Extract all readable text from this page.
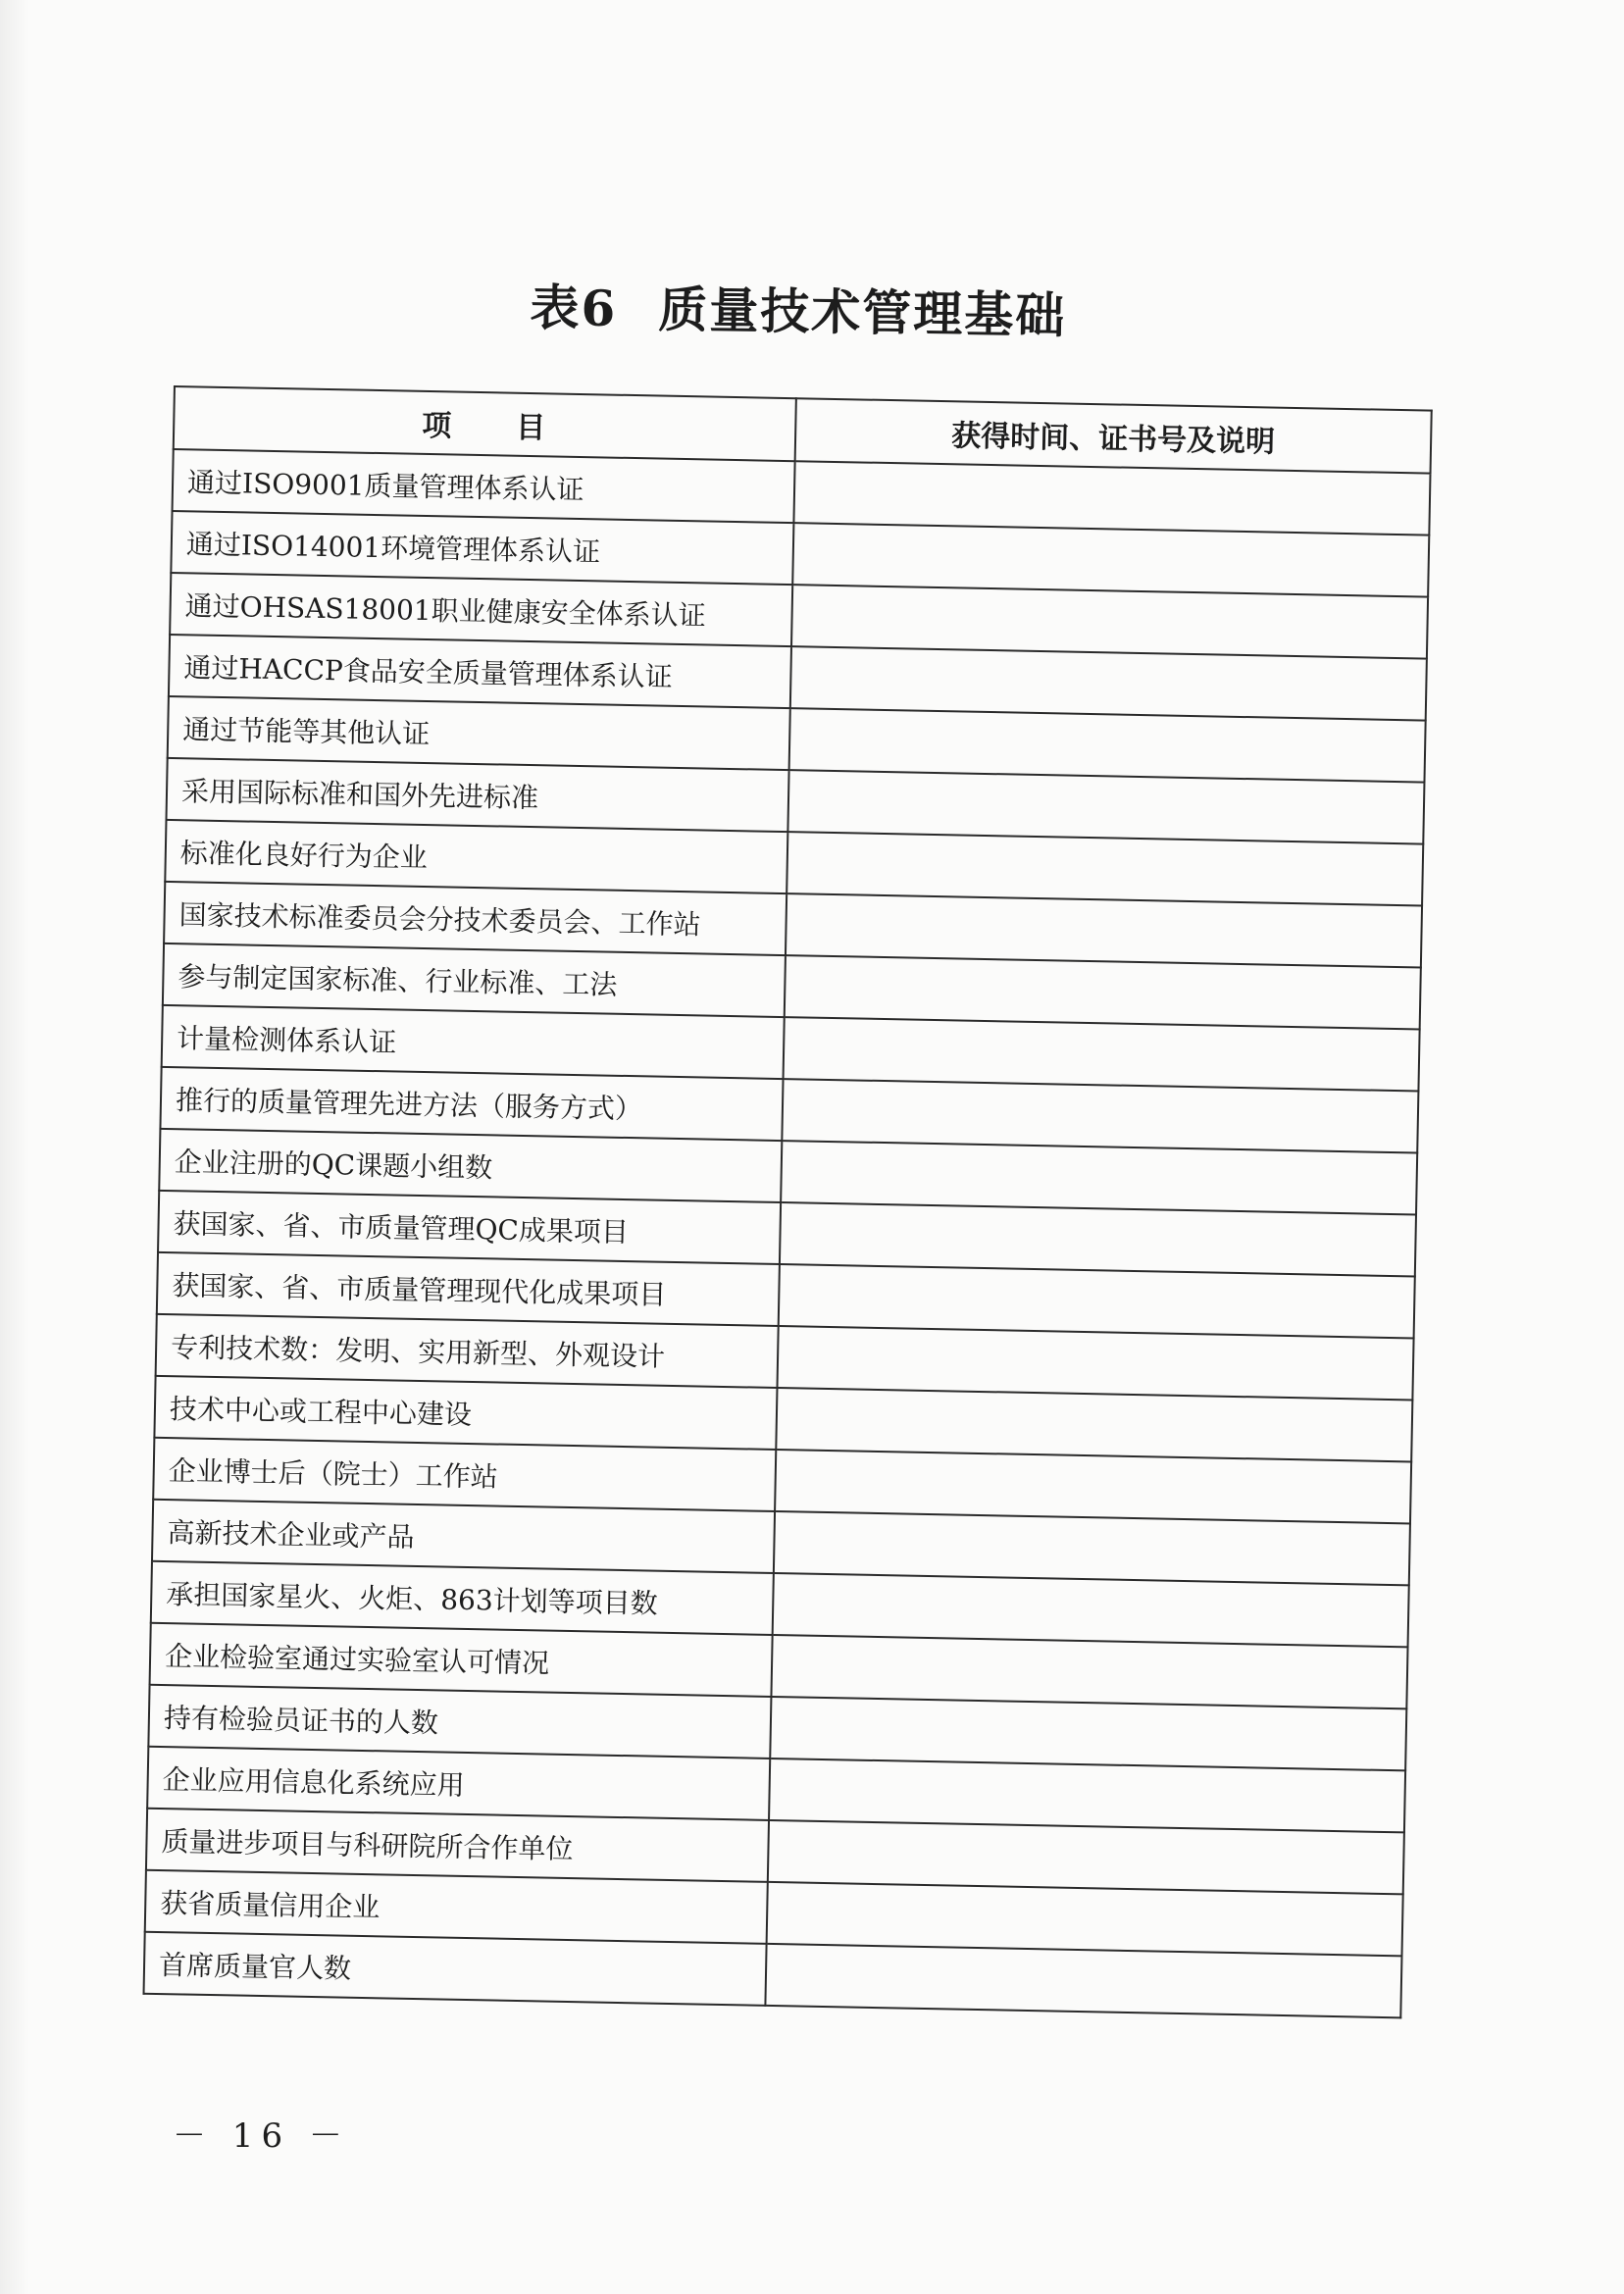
表6 质量技术管理基础
项　　目	获得时间、证书号及说明
通过ISO9001质量管理体系认证	
通过ISO14001环境管理体系认证	
通过OHSAS18001职业健康安全体系认证	
通过HACCP食品安全质量管理体系认证	
通过节能等其他认证	
采用国际标准和国外先进标准	
标准化良好行为企业	
国家技术标准委员会分技术委员会、工作站	
参与制定国家标准、行业标准、工法	
计量检测体系认证	
推行的质量管理先进方法（服务方式）	
企业注册的QC课题小组数	
获国家、省、市质量管理QC成果项目	
获国家、省、市质量管理现代化成果项目	
专利技术数：发明、实用新型、外观设计	
技术中心或工程中心建设	
企业博士后（院士）工作站	
高新技术企业或产品	
承担国家星火、火炬、863计划等项目数	
企业检验室通过实验室认可情况	
持有检验员证书的人数	
企业应用信息化系统应用	
质量进步项目与科研院所合作单位	
获省质量信用企业	
首席质量官人数	
－ 16 －
